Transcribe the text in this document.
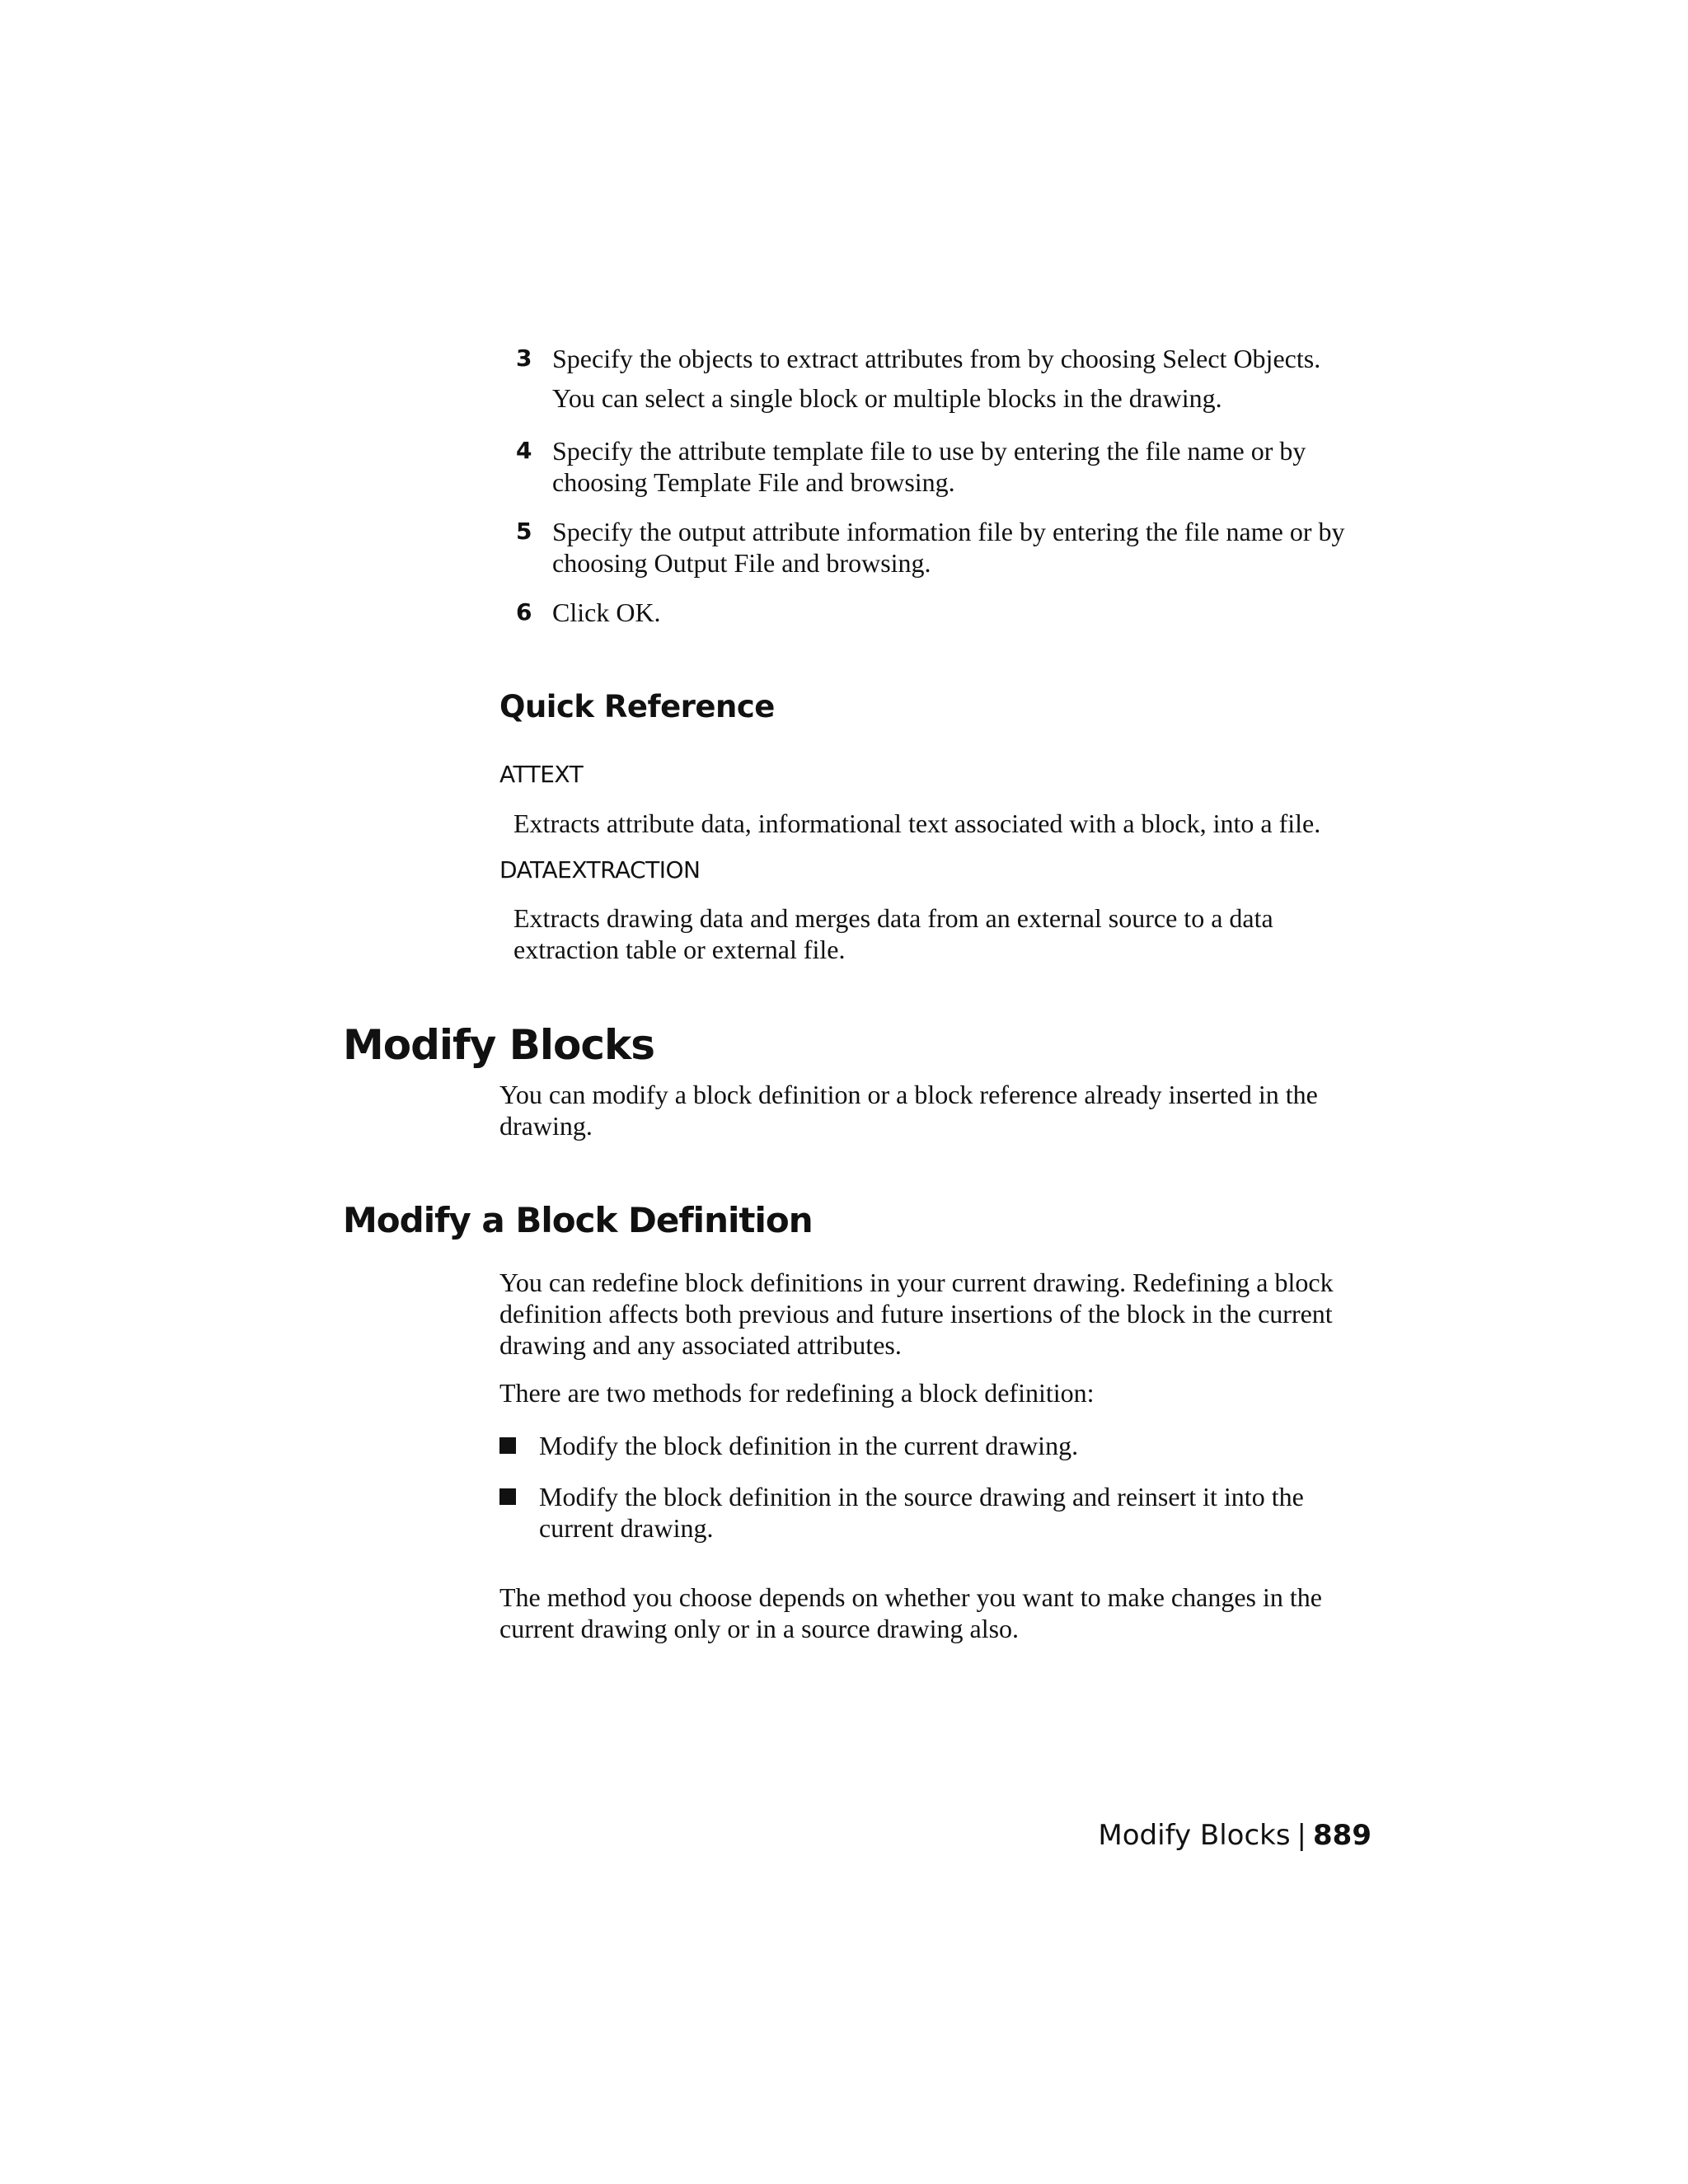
3 Specify the objects to extract attributes from by choosing Select Objects.
You can select a single block or multiple blocks in the drawing.
4 Specify the attribute template file to use by entering the file name or by choosing Template File and browsing.
5 Specify the output attribute information file by entering the file name or by choosing Output File and browsing.
6 Click OK.
Quick Reference
ATTEXT
Extracts attribute data, informational text associated with a block, into a file.
DATAEXTRACTION
Extracts drawing data and merges data from an external source to a data extraction table or external file.
Modify Blocks
You can modify a block definition or a block reference already inserted in the drawing.
Modify a Block Definition
You can redefine block definitions in your current drawing. Redefining a block definition affects both previous and future insertions of the block in the current drawing and any associated attributes.
There are two methods for redefining a block definition:
Modify the block definition in the current drawing.
Modify the block definition in the source drawing and reinsert it into the current drawing.
The method you choose depends on whether you want to make changes in the current drawing only or in a source drawing also.
Modify Blocks | 889
